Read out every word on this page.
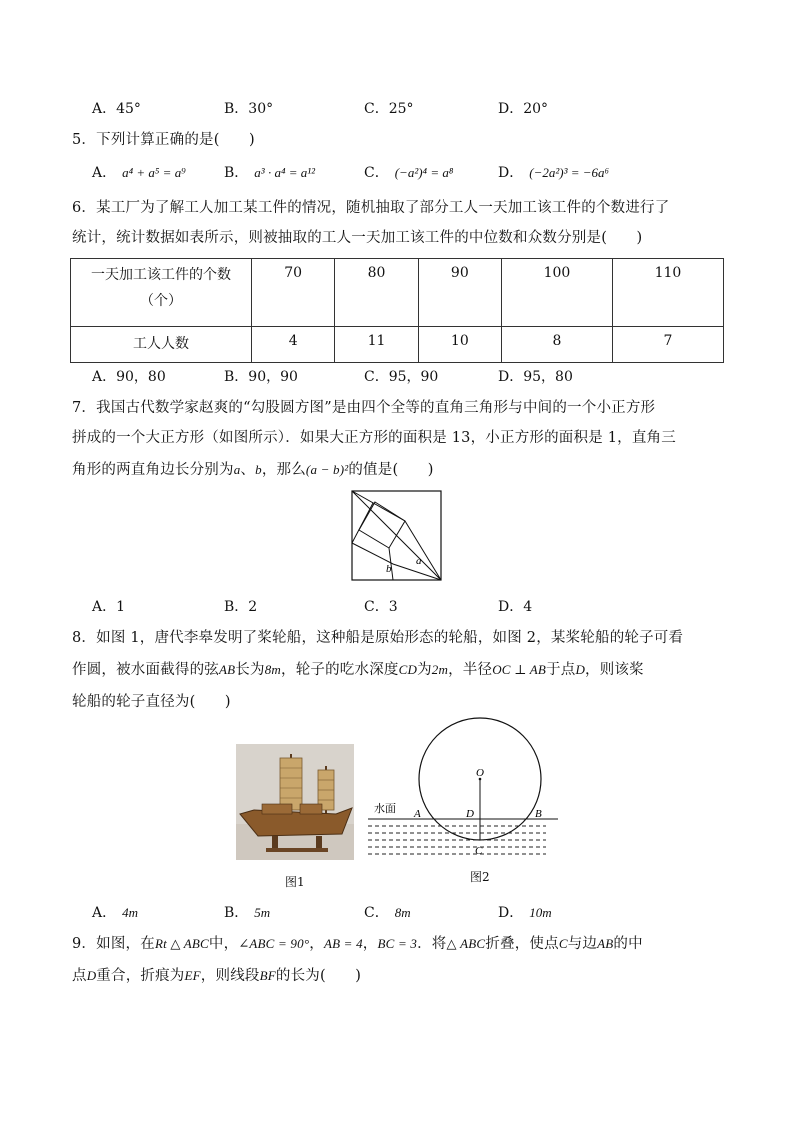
A．45°	B．30°	C．25°	D．20°
5．下列计算正确的是(　　)
A． a⁴ + a⁵ = a⁹	B． a³ · a⁴ = a¹²	C． (−a²)⁴ = a⁸	D． (−2a²)³ = −6a⁶
6．某工厂为了解工人加工某工件的情况，随机抽取了部分工人一天加工该工件的个数进行了
统计，统计数据如表所示，则被抽取的工人一天加工该工件的中位数和众数分别是(　　)
一天加工该工件的个数
（个）	70	80	90	100	110
工人人数	4	11	10	8	7
A．90，80	B．90，90	C．95，90	D．95，80
7．我国古代数学家赵爽的“勾股圆方图”是由四个全等的直角三角形与中间的一个小正方形
拼成的一个大正方形（如图所示）．如果大正方形的面积是 13，小正方形的面积是 1，直角三
角形的两直角边长分别为a、b，那么(a − b)²的值是(　　)
b
a
A．1	B．2	C．3	D．4
8．如图 1，唐代李皋发明了桨轮船，这种船是原始形态的轮船，如图 2，某桨轮船的轮子可看
作圆，被水面截得的弦AB长为8m，轮子的吃水深度CD为2m，半径OC ⊥ AB于点D，则该桨
轮船的轮子直径为(　　)
图1
水面
O
A	D	B
C
图2
A． 4m	B． 5m	C． 8m	D． 10m
9．如图，在Rt △ ABC中，∠ABC = 90°，AB = 4，BC = 3．将△ ABC折叠，使点C与边AB的中
点D重合，折痕为EF，则线段BF的长为(　　)
